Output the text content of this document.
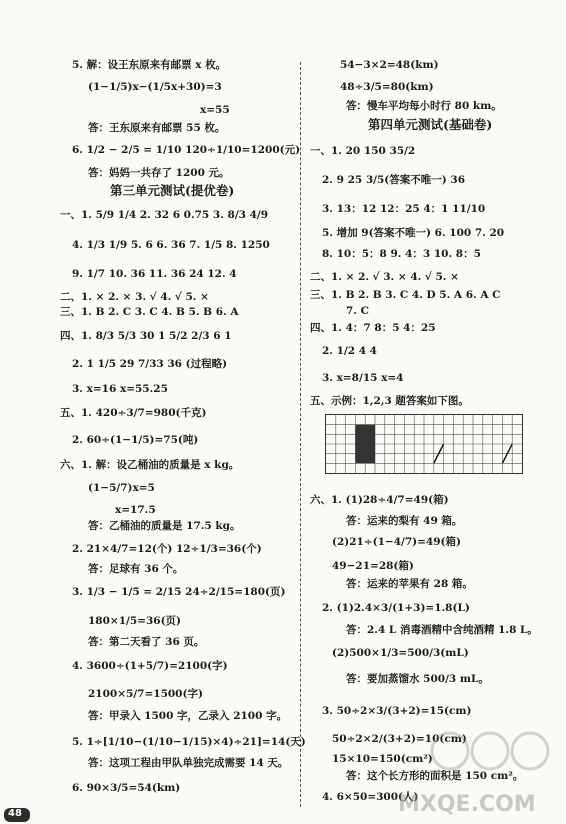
5. 解：设王东原来有邮票 x 枚。
(1−1/5)x−(1/5x+30)=3
x=55
答：王东原来有邮票 55 枚。
6. 1/2 − 2/5 = 1/10 120÷1/10=1200(元)
答：妈妈一共存了 1200 元。
第三单元测试(提优卷)
一、1. 5/9 1/4 2. 32 6 0.75 3. 8/3 4/9
4. 1/3 1/9 5. 6 6. 36 7. 1/5 8. 1250
9. 1/7 10. 36 11. 36 24 12. 4
二、1. × 2. × 3. √ 4. √ 5. ×
三、1. B 2. C 3. C 4. B 5. B 6. A
四、1. 8/3 5/3 30 1 5/2 2/3 6 1
2. 1 1/5 29 7/33 36 (过程略)
3. x=16 x=55.25
五、1. 420÷3/7=980(千克)
2. 60÷(1−1/5)=75(吨)
六、1. 解：设乙桶油的质量是 x kg。
(1−5/7)x=5
x=17.5
答：乙桶油的质量是 17.5 kg。
2. 21×4/7=12(个) 12÷1/3=36(个)
答：足球有 36 个。
3. 1/3 − 1/5 = 2/15 24÷2/15=180(页)
180×1/5=36(页)
答：第二天看了 36 页。
4. 3600÷(1+5/7)=2100(字)
2100×5/7=1500(字)
答：甲录入 1500 字，乙录入 2100 字。
5. 1÷[1/10−(1/10−1/15)×4)÷21]=14(天)
答：这项工程由甲队单独完成需要 14 天。
6. 90×3/5=54(km)
54−3×2=48(km)
48÷3/5=80(km)
答：慢车平均每小时行 80 km。
第四单元测试(基础卷)
一、1. 20 150 35/2
2. 9 25 3/5(答案不唯一) 36
3. 13：12 12：25 4：1 11/10
5. 增加 9(答案不唯一) 6. 100 7. 20
8. 10：5：8 9. 4：3 10. 8：5
二、1. × 2. √ 3. × 4. √ 5. ×
三、1. B 2. B 3. C 4. D 5. A 6. A C
7. C
四、1. 4：7 8：5 4：25
2. 1/2 4 4
3. x=8/15 x=4
五、示例：1,2,3 题答案如下图。
六、1. (1)28÷4/7=49(箱)
答：运来的梨有 49 箱。
(2)21÷(1−4/7)=49(箱)
49−21=28(箱)
答：运来的苹果有 28 箱。
2. (1)2.4×3/(1+3)=1.8(L)
答：2.4 L 消毒酒精中含纯酒精 1.8 L。
(2)500×1/3=500/3(mL)
答：要加蒸馏水 500/3 mL。
3. 50÷2×3/(3+2)=15(cm)
50÷2×2/(3+2)=10(cm)
15×10=150(cm²)
答：这个长方形的面积是 150 cm²。
4. 6×50=300(人)
48	MXQE.COM
